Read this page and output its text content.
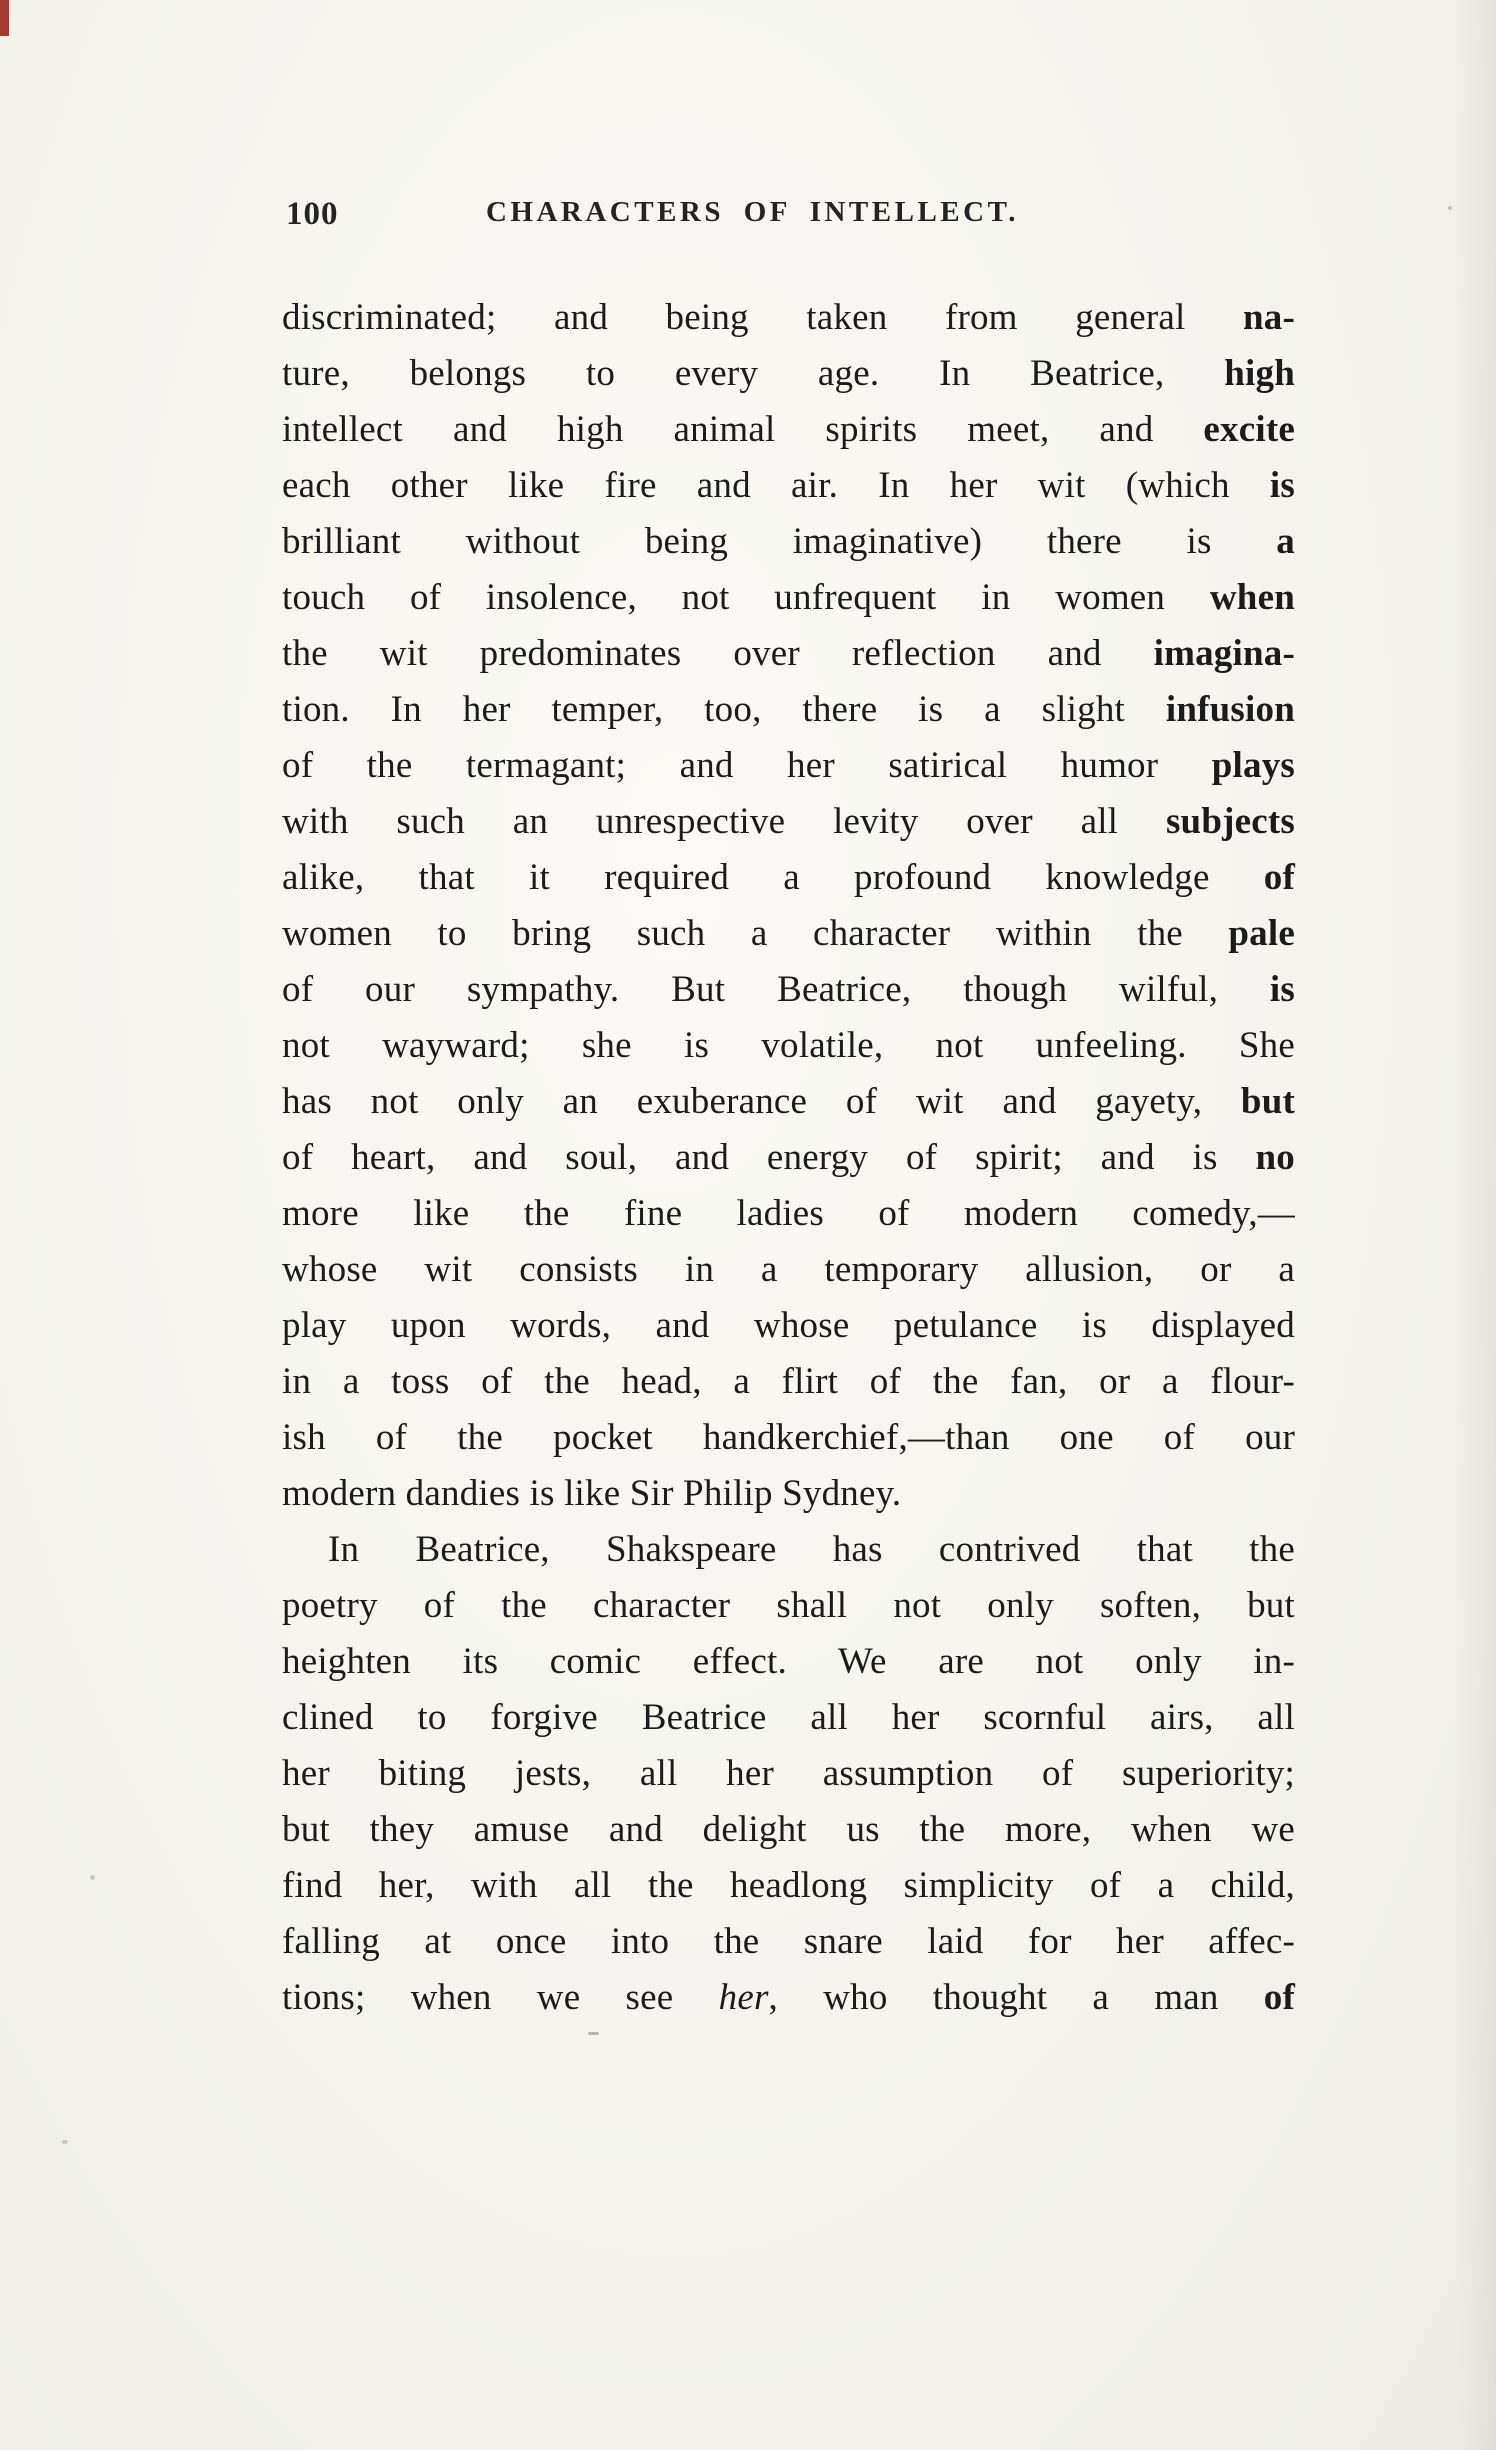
100	CHARACTERS OF INTELLECT.
discriminated; and being taken from general na-
ture, belongs to every age. In Beatrice, high
intellect and high animal spirits meet, and excite
each other like fire and air. In her wit (which is
brilliant without being imaginative) there is a
touch of insolence, not unfrequent in women when
the wit predominates over reflection and imagina-
tion. In her temper, too, there is a slight infusion
of the termagant; and her satirical humor plays
with such an unrespective levity over all subjects
alike, that it required a profound knowledge of
women to bring such a character within the pale
of our sympathy. But Beatrice, though wilful, is
not wayward; she is volatile, not unfeeling. She
has not only an exuberance of wit and gayety, but
of heart, and soul, and energy of spirit; and is no
more like the fine ladies of modern comedy,—
whose wit consists in a temporary allusion, or a
play upon words, and whose petulance is displayed
in a toss of the head, a flirt of the fan, or a flour-
ish of the pocket handkerchief,—than one of our
modern dandies is like Sir Philip Sydney.
In Beatrice, Shakspeare has contrived that the
poetry of the character shall not only soften, but
heighten its comic effect. We are not only in-
clined to forgive Beatrice all her scornful airs, all
her biting jests, all her assumption of superiority;
but they amuse and delight us the more, when we
find her, with all the headlong simplicity of a child,
falling at once into the snare laid for her affec-
tions; when we see her, who thought a man of
